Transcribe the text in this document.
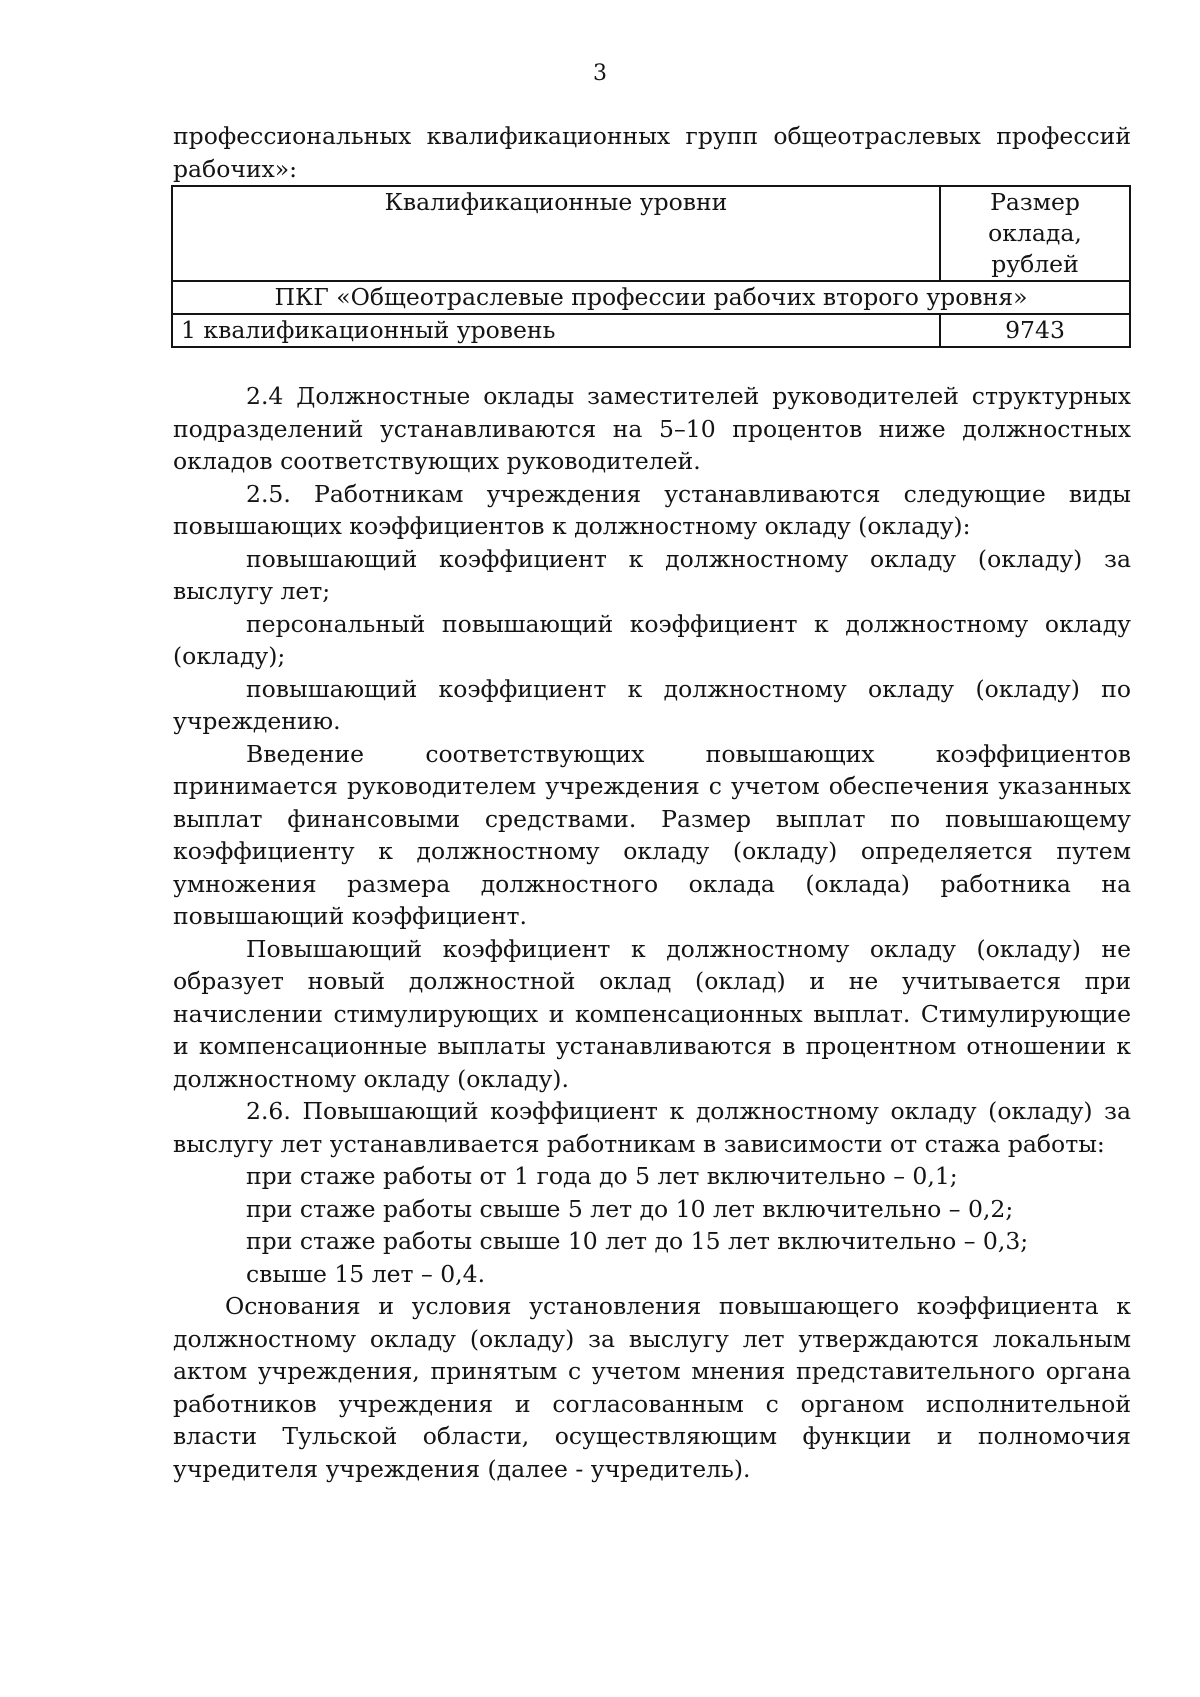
3

профессиональных квалификационных групп общеотраслевых профессий рабочих»:

Квалификационные уровни	Размер оклада, рублей
ПКГ «Общеотраслевые профессии рабочих второго уровня»	
1 квалификационный уровень	9743

2.4 Должностные оклады заместителей руководителей структурных подразделений устанавливаются на 5–10 процентов ниже должностных окладов соответствующих руководителей.

2.5. Работникам учреждения устанавливаются следующие виды повышающих коэффициентов к должностному окладу (окладу):

повышающий коэффициент к должностному окладу (окладу) за выслугу лет;

персональный повышающий коэффициент к должностному окладу (окладу);

повышающий коэффициент к должностному окладу (окладу) по учреждению.

Введение соответствующих повышающих коэффициентов принимается руководителем учреждения с учетом обеспечения указанных выплат финансовыми средствами. Размер выплат по повышающему коэффициенту к должностному окладу (окладу) определяется путем умножения размера должностного оклада (оклада) работника на повышающий коэффициент.

Повышающий коэффициент к должностному окладу (окладу) не образует новый должностной оклад (оклад) и не учитывается при начислении стимулирующих и компенсационных выплат. Стимулирующие и компенсационные выплаты устанавливаются в процентном отношении к должностному окладу (окладу).

2.6. Повышающий коэффициент к должностному окладу (окладу) за выслугу лет устанавливается работникам в зависимости от стажа работы:

при стаже работы от 1 года до 5 лет включительно – 0,1;

при стаже работы свыше 5 лет до 10 лет включительно – 0,2;

при стаже работы свыше 10 лет до 15 лет включительно – 0,3;

свыше 15 лет – 0,4.

Основания и условия установления повышающего коэффициента к должностному окладу (окладу) за выслугу лет утверждаются локальным актом учреждения, принятым с учетом мнения представительного органа работников учреждения и согласованным с органом исполнительной власти Тульской области, осуществляющим функции и полномочия учредителя учреждения (далее - учредитель).
